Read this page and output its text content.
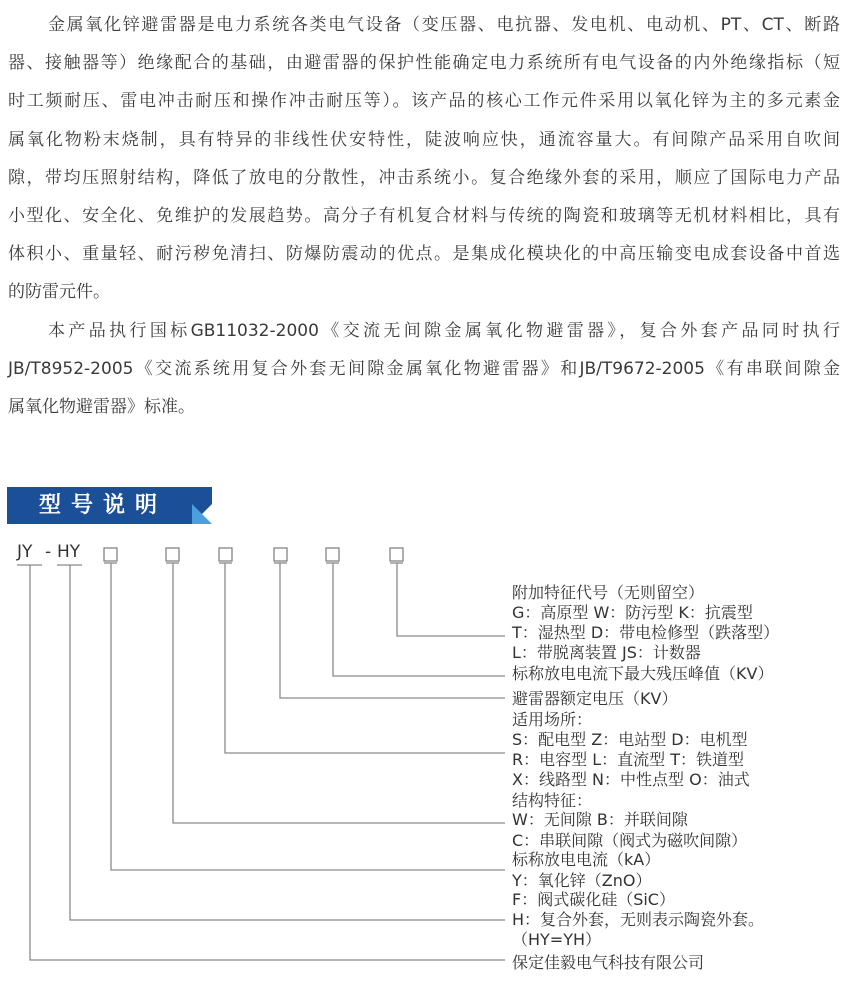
金属氧化锌避雷器是电力系统各类电气设备（变压器、电抗器、发电机、电动机、PT、CT、断路
器、接触器等）绝缘配合的基础，由避雷器的保护性能确定电力系统所有电气设备的内外绝缘指标（短
时工频耐压、雷电冲击耐压和操作冲击耐压等）。该产品的核心工作元件采用以氧化锌为主的多元素金
属氧化物粉末烧制，具有特异的非线性伏安特性，陡波响应快，通流容量大。有间隙产品采用自吹间
隙，带均压照射结构，降低了放电的分散性，冲击系统小。复合绝缘外套的采用，顺应了国际电力产品
小型化、安全化、免维护的发展趋势。高分子有机复合材料与传统的陶瓷和玻璃等无机材料相比，具有
体积小、重量轻、耐污秽免清扫、防爆防震动的优点。是集成化模块化的中高压输变电成套设备中首选
的防雷元件。
本产品执行国标GB11032-2000《交流无间隙金属氧化物避雷器》，复合外套产品同时执行
JB/T8952-2005《交流系统用复合外套无间隙金属氧化物避雷器》和JB/T9672-2005《有串联间隙金
属氧化物避雷器》标准。
型号说明
JY - HY
附加特征代号（无则留空）
G：高原型 W：防污型 K：抗震型
T：湿热型 D：带电检修型（跌落型）
L：带脱离装置 JS：计数器
标称放电电流下最大残压峰值（KV）
避雷器额定电压（KV）
适用场所：
S：配电型 Z：电站型 D：电机型
R：电容型 L：直流型 T：铁道型
X：线路型 N：中性点型 O：油式
结构特征：
W：无间隙 B：并联间隙
C：串联间隙（阀式为磁吹间隙）
标称放电电流（kA）
Y：氧化锌（ZnO）
F：阀式碳化硅（SiC）
H：复合外套，无则表示陶瓷外套。
（HY=YH）
保定佳毅电气科技有限公司
